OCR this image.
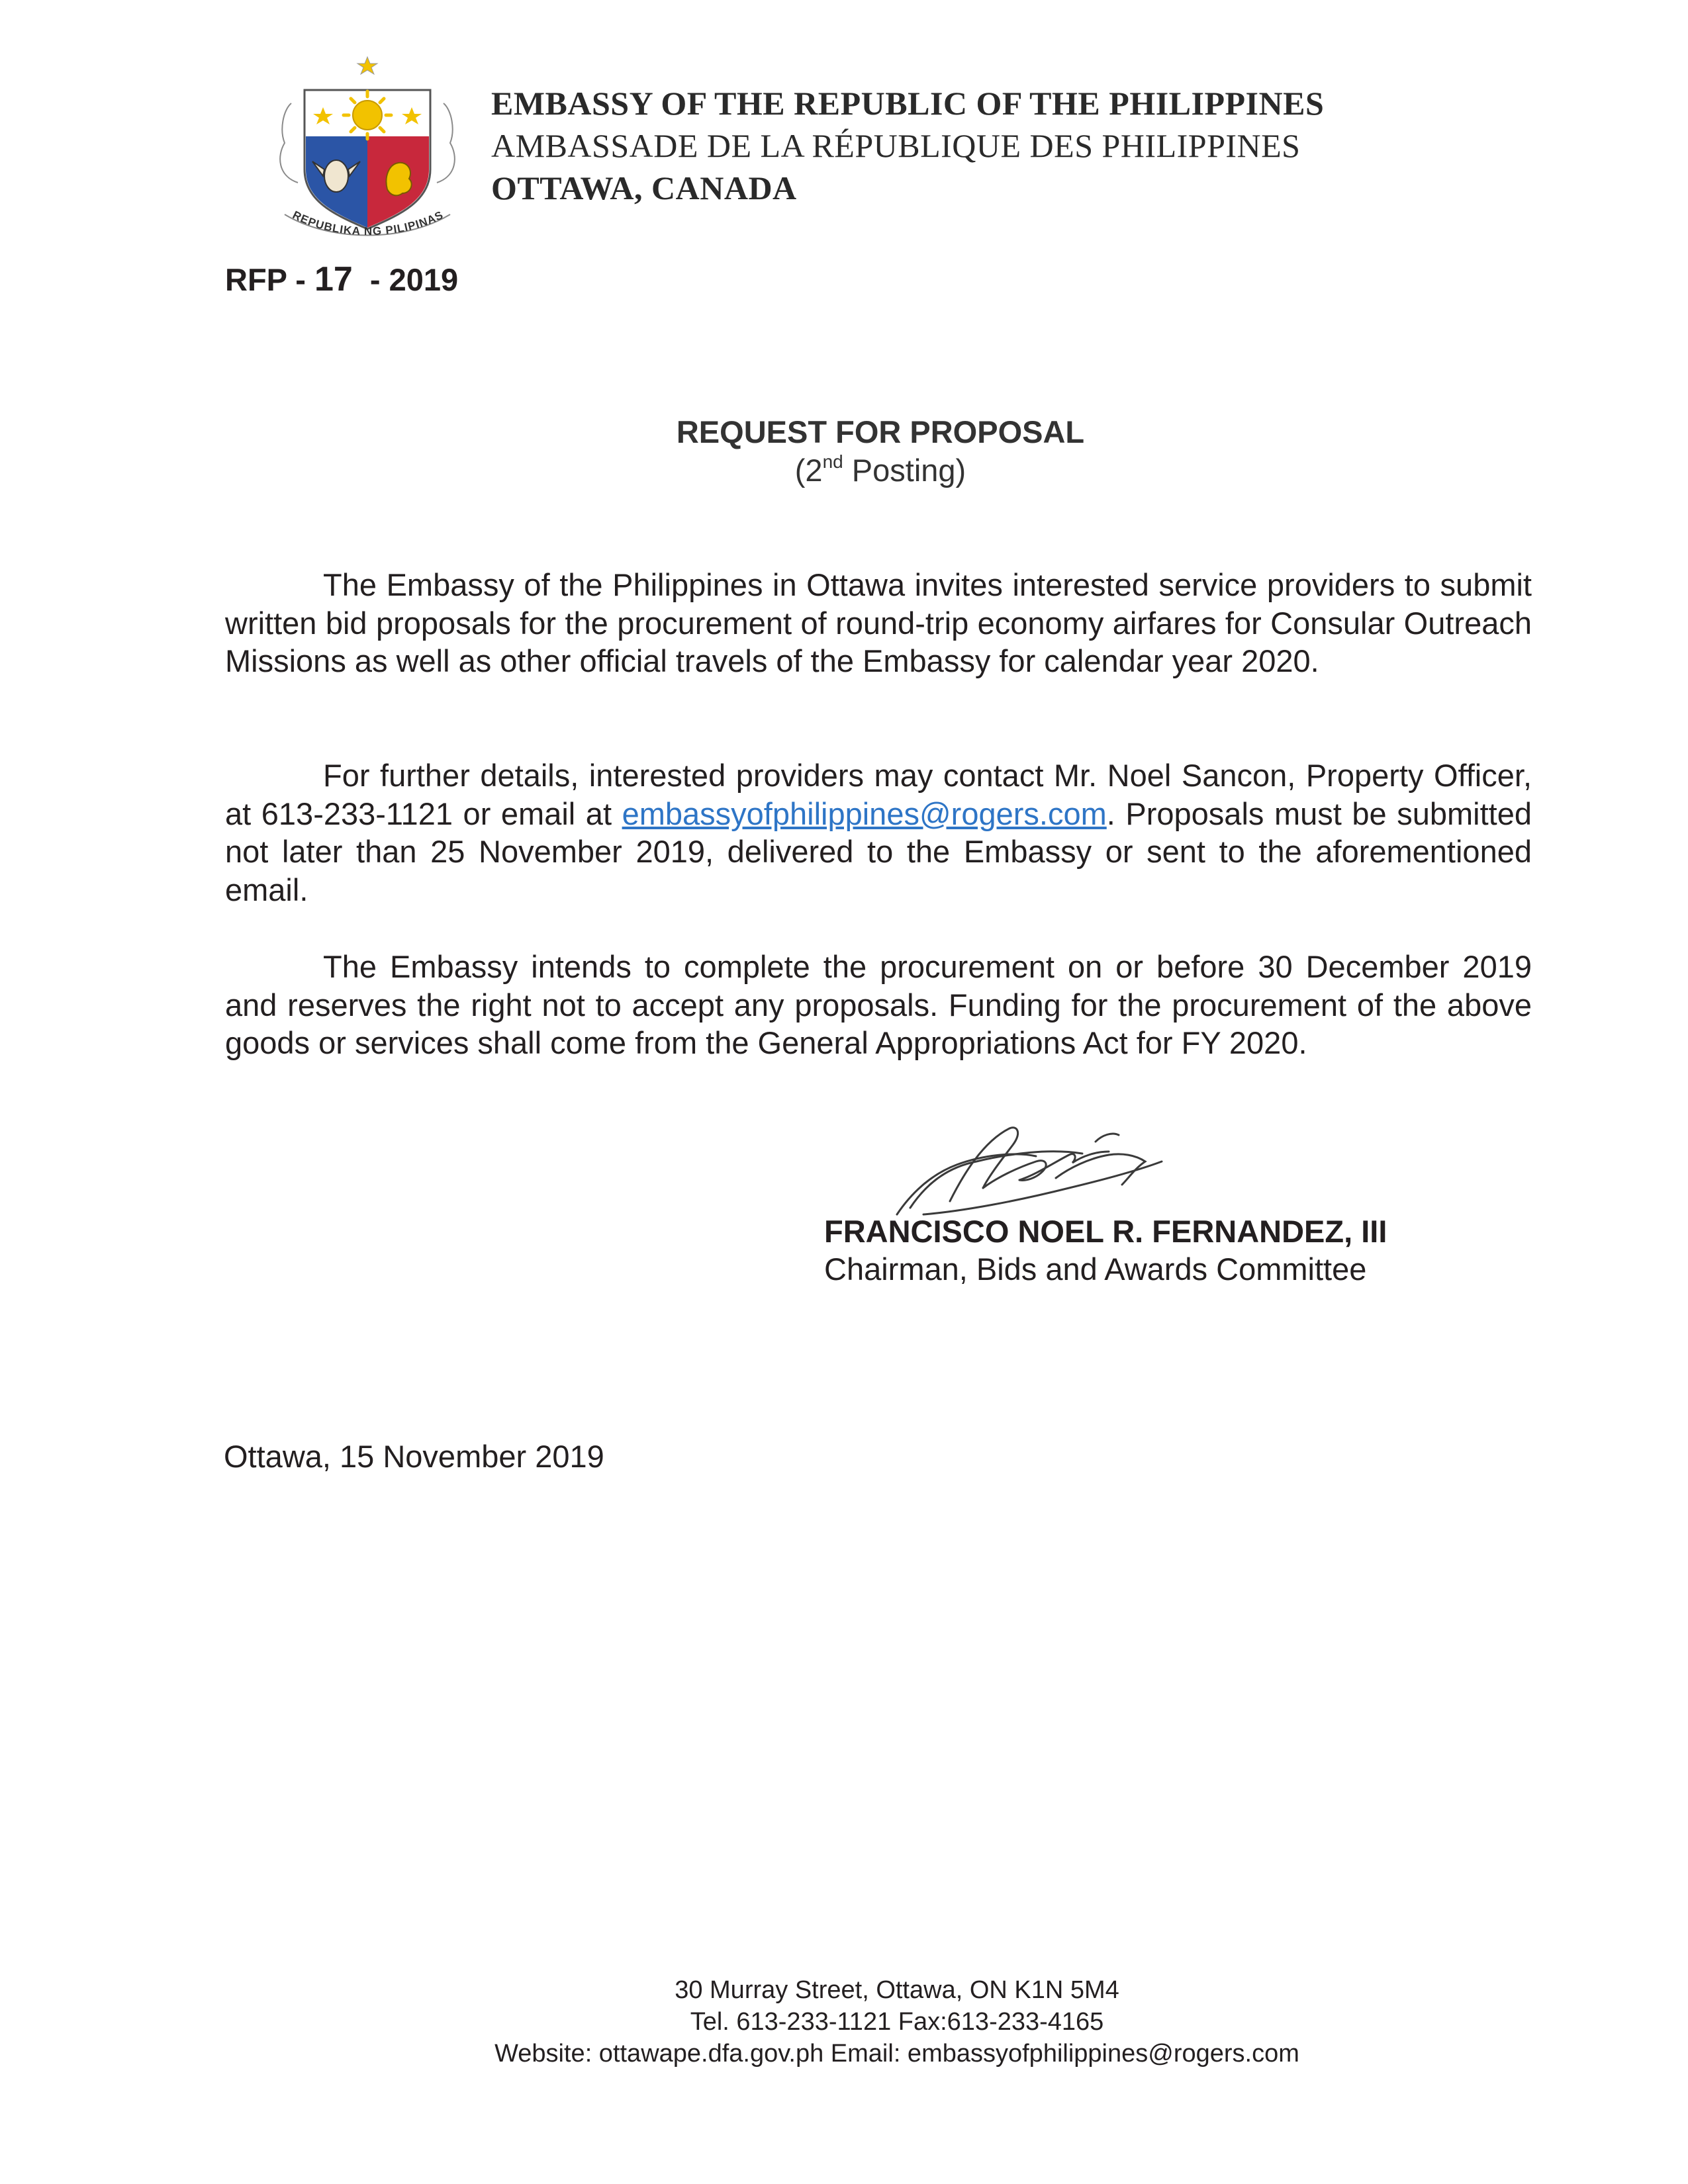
REPUBLIKA NG PILIPINAS
EMBASSY OF THE REPUBLIC OF THE PHILIPPINES
AMBASSADE DE LA RÉPUBLIQUE DES PHILIPPINES
OTTAWA, CANADA
RFP - 17  - 2019
REQUEST FOR PROPOSAL
(2nd Posting)
The Embassy of the Philippines in Ottawa invites interested service providers to submit written bid proposals for the procurement of round-trip economy airfares for Consular Outreach Missions as well as other official travels of the Embassy for calendar year 2020.
For further details, interested providers may contact Mr. Noel Sancon, Property Officer, at 613-233-1121 or email at embassyofphilippines@rogers.com. Proposals must be submitted not later than 25 November 2019, delivered to the Embassy or sent to the aforementioned email.
The Embassy intends to complete the procurement on or before 30 December 2019 and reserves the right not to accept any proposals. Funding for the procurement of the above goods or services shall come from the General Appropriations Act for FY 2020.
FRANCISCO NOEL R. FERNANDEZ, III
Chairman, Bids and Awards Committee
Ottawa, 15 November 2019
30 Murray Street, Ottawa, ON K1N 5M4
Tel. 613-233-1121 Fax:613-233-4165
Website: ottawape.dfa.gov.ph Email: embassyofphilippines@rogers.com
